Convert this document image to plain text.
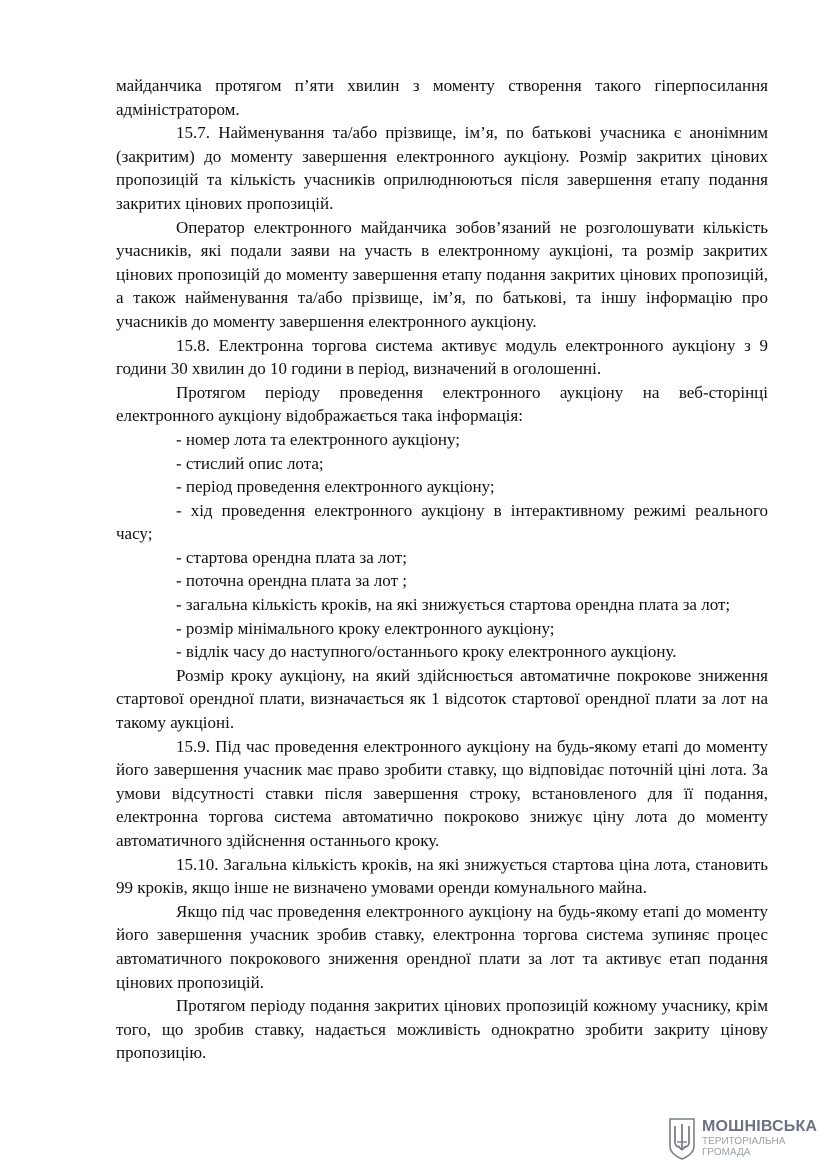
майданчика протягом п’яти хвилин з моменту створення такого гіперпосилання адміністратором.

15.7. Найменування та/або прізвище, ім’я, по батькові учасника є анонімним (закритим) до моменту завершення електронного аукціону. Розмір закритих цінових пропозицій та кількість учасників оприлюднюються після завершення етапу подання закритих цінових пропозицій.

Оператор електронного майданчика зобов’язаний не розголошувати кількість учасників, які подали заяви на участь в електронному аукціоні, та розмір закритих цінових пропозицій до моменту завершення етапу подання закритих цінових пропозицій, а також найменування та/або прізвище, ім’я, по батькові, та іншу інформацію про учасників до моменту завершення електронного аукціону.

15.8. Електронна торгова система активує модуль електронного аукціону з 9 години 30 хвилин до 10 години в період, визначений в оголошенні.

Протягом періоду проведення електронного аукціону на веб-сторінці електронного аукціону відображається така інформація:

- номер лота та електронного аукціону;

- стислий опис лота;

- період проведення електронного аукціону;

- хід проведення електронного аукціону в інтерактивному режимі реального часу;

- стартова орендна плата за лот;

- поточна орендна плата за лот ;

- загальна кількість кроків, на які знижується стартова орендна плата за лот;

- розмір мінімального кроку електронного аукціону;

- відлік часу до наступного/останнього кроку електронного аукціону.

Розмір кроку аукціону, на який здійснюється автоматичне покрокове зниження стартової орендної плати, визначається як 1 відсоток стартової орендної плати за лот на такому аукціоні.

15.9. Під час проведення електронного аукціону на будь-якому етапі до моменту його завершення учасник має право зробити ставку, що відповідає поточній ціні лота. За умови відсутності ставки після завершення строку, встановленого для її подання, електронна торгова система автоматично покроково знижує ціну лота до моменту автоматичного здійснення останнього кроку.

15.10. Загальна кількість кроків, на які знижується стартова ціна лота, становить 99 кроків, якщо інше не визначено умовами оренди комунального майна.

Якщо під час проведення електронного аукціону на будь-якому етапі до моменту його завершення учасник зробив ставку, електронна торгова система зупиняє процес автоматичного покрокового зниження орендної плати за лот та активує етап подання цінових пропозицій.

Протягом періоду подання закритих цінових пропозицій кожному учаснику, крім того, що зробив ставку, надається можливість однократно зробити закриту цінову пропозицію.

МОШНІВСЬКА
ТЕРИТОРІАЛЬНА
ГРОМАДА
